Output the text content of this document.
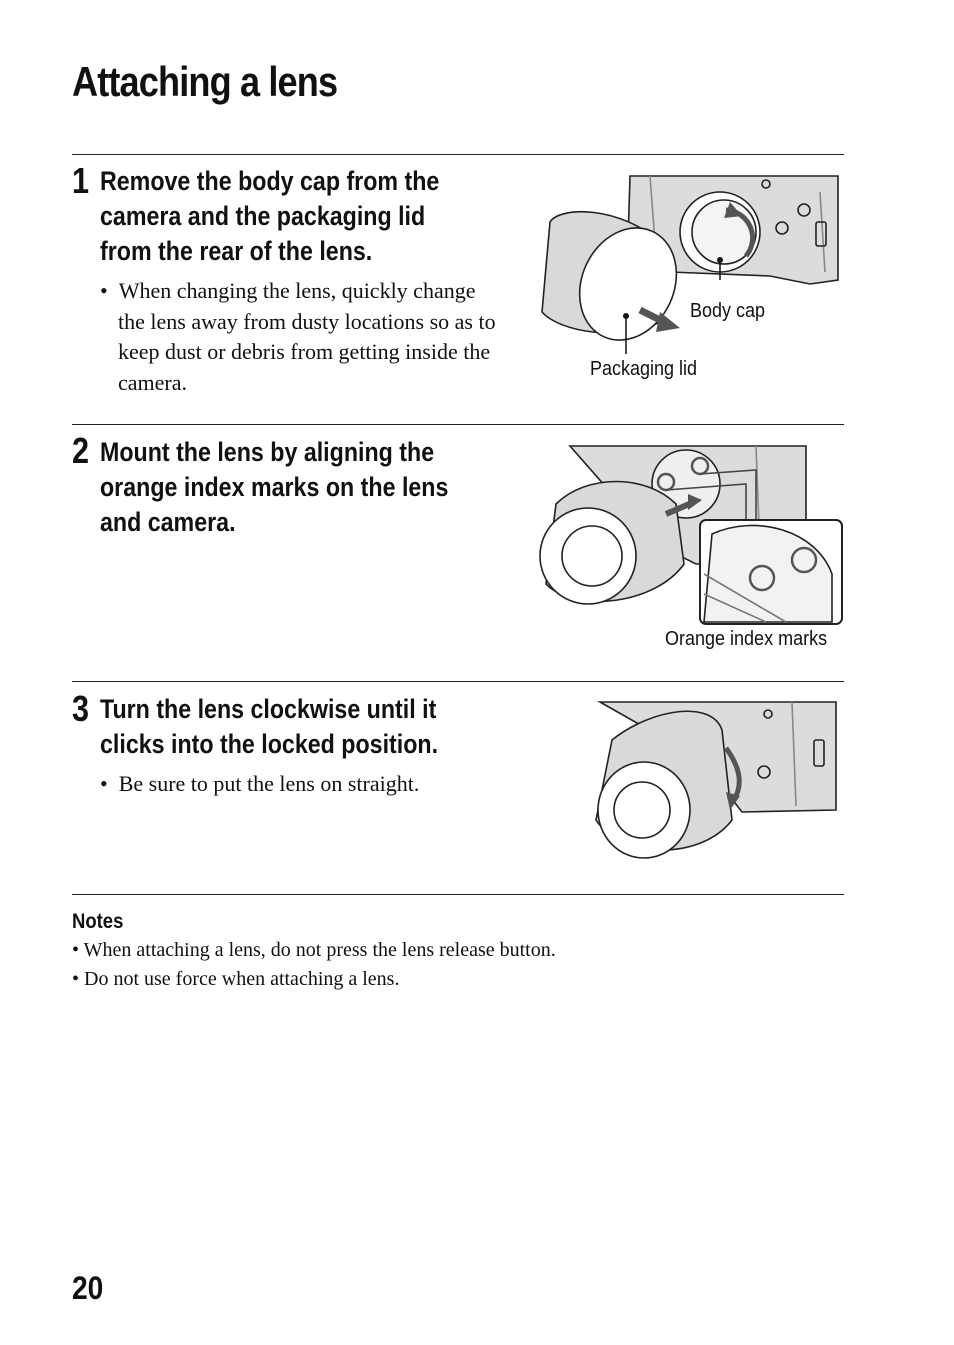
Attaching a lens
1 Remove the body cap from the camera and the packaging lid from the rear of the lens.

• When changing the lens, quickly change the lens away from dusty locations so as to keep dust or debris from getting inside the camera.

Body cap
Packaging lid
2 Mount the lens by aligning the orange index marks on the lens and camera.

Orange index marks
3 Turn the lens clockwise until it clicks into the locked position.

• Be sure to put the lens on straight.

Notes
• When attaching a lens, do not press the lens release button.
• Do not use force when attaching a lens.
20
